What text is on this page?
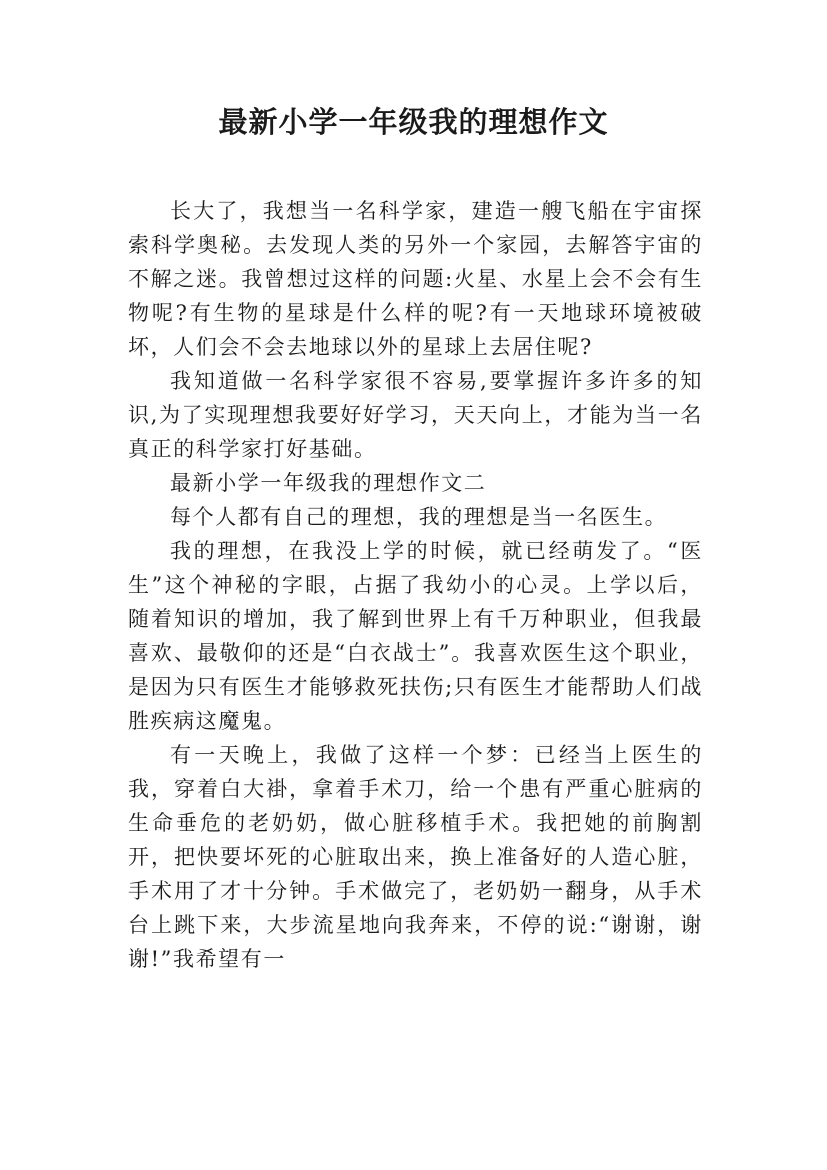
最新小学一年级我的理想作文

长大了，我想当一名科学家，建造一艘飞船在宇宙探索科学奥秘。去发现人类的另外一个家园，去解答宇宙的不解之迷。我曾想过这样的问题:火星、水星上会不会有生物呢?有生物的星球是什么样的呢?有一天地球环境被破坏，人们会不会去地球以外的星球上去居住呢?

我知道做一名科学家很不容易,要掌握许多许多的知识,为了实现理想我要好好学习，天天向上，才能为当一名真正的科学家打好基础。

最新小学一年级我的理想作文二

每个人都有自己的理想，我的理想是当一名医生。

我的理想，在我没上学的时候，就已经萌发了。“医生”这个神秘的字眼，占据了我幼小的心灵。上学以后，随着知识的增加，我了解到世界上有千万种职业，但我最喜欢、最敬仰的还是“白衣战士”。我喜欢医生这个职业，是因为只有医生才能够救死扶伤;只有医生才能帮助人们战胜疾病这魔鬼。

有一天晚上，我做了这样一个梦：已经当上医生的我，穿着白大褂，拿着手术刀，给一个患有严重心脏病的生命垂危的老奶奶，做心脏移植手术。我把她的前胸割开，把快要坏死的心脏取出来，换上准备好的人造心脏，手术用了才十分钟。手术做完了，老奶奶一翻身，从手术台上跳下来，大步流星地向我奔来，不停的说:“谢谢，谢谢!”我希望有一
